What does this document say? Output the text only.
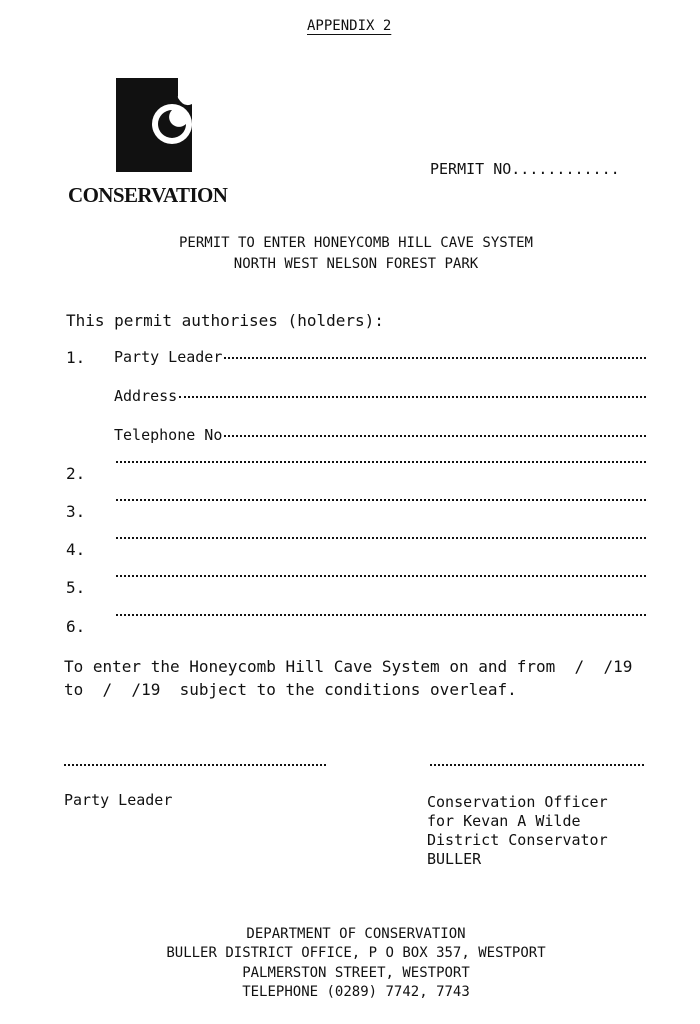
APPENDIX 2
CONSERVATION
PERMIT NO............
PERMIT TO ENTER HONEYCOMB HILL CAVE SYSTEM
NORTH WEST NELSON FOREST PARK
This permit authorises (holders):
1. Party Leader
Address
Telephone No
2.
3.
4.
5.
6.
To enter the Honeycomb Hill Cave System on and from  /  /19
to  /  /19  subject to the conditions overleaf.
Party Leader	Conservation Officer
for Kevan A Wilde
District Conservator
BULLER
DEPARTMENT OF CONSERVATION
BULLER DISTRICT OFFICE, P O BOX 357, WESTPORT
PALMERSTON STREET, WESTPORT
TELEPHONE (0289) 7742, 7743
